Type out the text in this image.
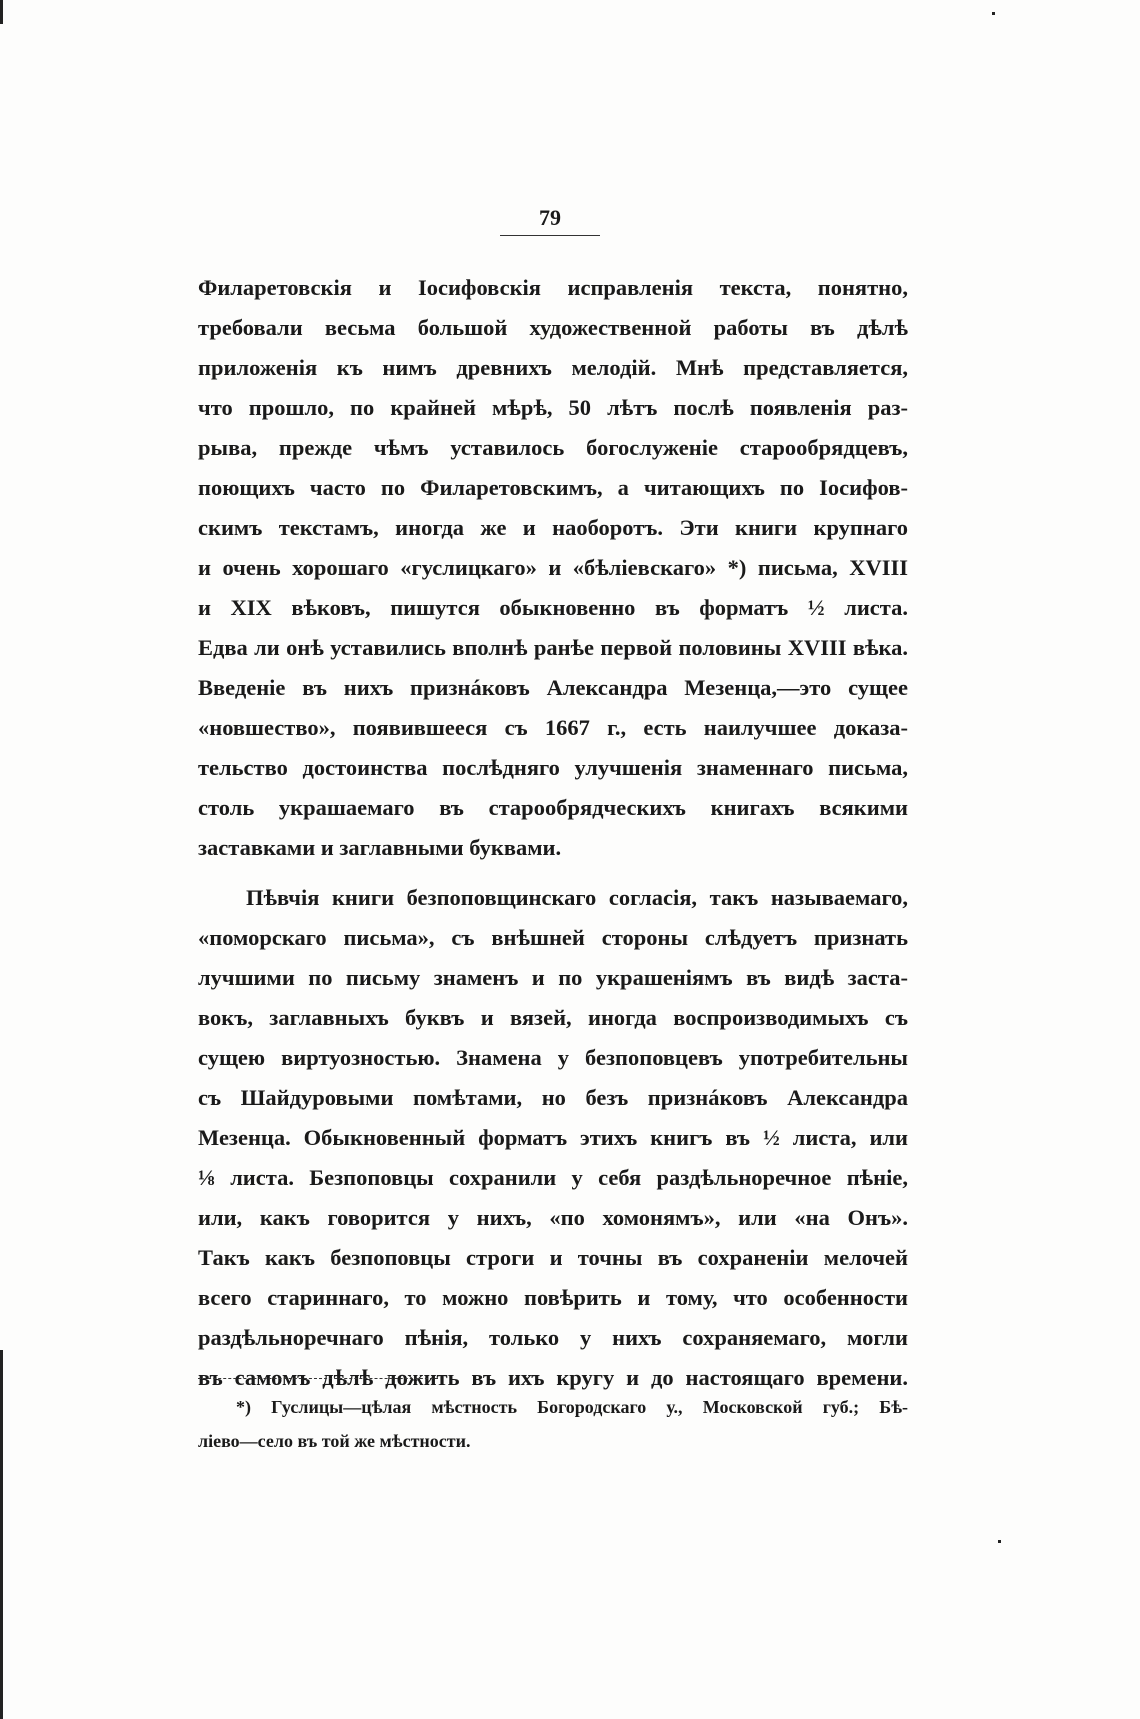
79
Филаретовскія и Іосифовскія исправленія текста, понятно,
требовали весьма большой художественной работы въ дѣлѣ
приложенія къ нимъ древнихъ мелодій. Мнѣ представляется,
что прошло, по крайней мѣрѣ, 50 лѣтъ послѣ появленія раз-
рыва, прежде чѣмъ уставилось богослуженіе старообрядцевъ,
поющихъ часто по Филаретовскимъ, а читающихъ по Іосифов-
скимъ текстамъ, иногда же и наоборотъ. Эти книги крупнаго
и очень хорошаго «гуслицкаго» и «бѣліевскаго» *) письма, XVIII
и XIX вѣковъ, пишутся обыкновенно въ форматъ ½ листа.
Едва ли онѣ уставились вполнѣ ранѣе первой половины XVIII вѣка.
Введеніе въ нихъ признáковъ Александра Мезенца,—это сущее
«новшество», появившееся съ 1667 г., есть наилучшее доказа-
тельство достоинства послѣдняго улучшенія знаменнаго письма,
столь украшаемаго въ старообрядческихъ книгахъ всякими
заставками и заглавными буквами.
Пѣвчія книги безпоповщинскаго согласія, такъ называемаго,
«поморскаго письма», съ внѣшней стороны слѣдуетъ признать
лучшими по письму знаменъ и по украшеніямъ въ видѣ заста-
вокъ, заглавныхъ буквъ и вязей, иногда воспроизводимыхъ съ
сущею виртуозностью. Знамена у безпоповцевъ употребительны
съ Шайдуровыми помѣтами, но безъ признáковъ Александра
Мезенца. Обыкновенный форматъ этихъ книгъ въ ½ листа, или
⅛ листа. Безпоповцы сохранили у себя раздѣльноречное пѣніе,
или, какъ говорится у нихъ, «по хомонямъ», или «на Онъ».
Такъ какъ безпоповцы строги и точны въ сохраненіи мелочей
всего стариннаго, то можно повѣрить и тому, что особенности
раздѣльноречнаго пѣнія, только у нихъ сохраняемаго, могли
въ самомъ дѣлѣ дожить въ ихъ кругу и до настоящаго времени.
*) Гуслицы—цѣлая мѣстность Богородскаго у., Московской губ.; Бѣ-
ліево—село въ той же мѣстности.
